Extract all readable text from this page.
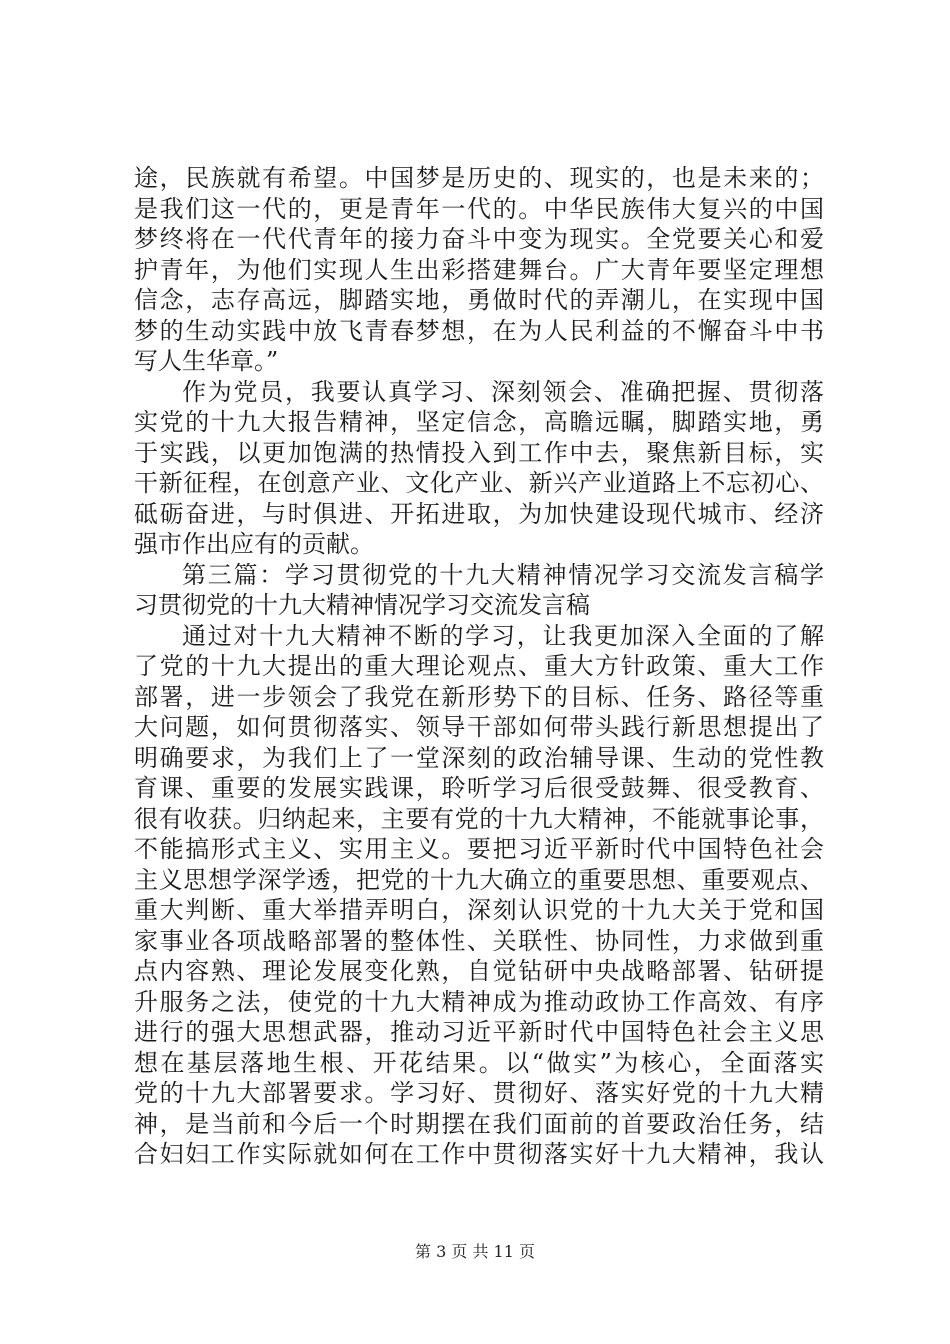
途，民族就有希望。中国梦是历史的、现实的，也是未来的；
是我们这一代的，更是青年一代的。中华民族伟大复兴的中国
梦终将在一代代青年的接力奋斗中变为现实。全党要关心和爱
护青年，为他们实现人生出彩搭建舞台。广大青年要坚定理想
信念，志存高远，脚踏实地，勇做时代的弄潮儿，在实现中国
梦的生动实践中放飞青春梦想，在为人民利益的不懈奋斗中书
写人生华章。”
作为党员，我要认真学习、深刻领会、准确把握、贯彻落
实党的十九大报告精神，坚定信念，高瞻远瞩，脚踏实地，勇
于实践，以更加饱满的热情投入到工作中去，聚焦新目标，实
干新征程，在创意产业、文化产业、新兴产业道路上不忘初心、
砥砺奋进，与时俱进、开拓进取，为加快建设现代城市、经济
强市作出应有的贡献。
第三篇：学习贯彻党的十九大精神情况学习交流发言稿学
习贯彻党的十九大精神情况学习交流发言稿
通过对十九大精神不断的学习，让我更加深入全面的了解
了党的十九大提出的重大理论观点、重大方针政策、重大工作
部署，进一步领会了我党在新形势下的目标、任务、路径等重
大问题，如何贯彻落实、领导干部如何带头践行新思想提出了
明确要求，为我们上了一堂深刻的政治辅导课、生动的党性教
育课、重要的发展实践课，聆听学习后很受鼓舞、很受教育、
很有收获。归纳起来，主要有党的十九大精神，不能就事论事，
不能搞形式主义、实用主义。要把习近平新时代中国特色社会
主义思想学深学透，把党的十九大确立的重要思想、重要观点、
重大判断、重大举措弄明白，深刻认识党的十九大关于党和国
家事业各项战略部署的整体性、关联性、协同性，力求做到重
点内容熟、理论发展变化熟，自觉钻研中央战略部署、钻研提
升服务之法，使党的十九大精神成为推动政协工作高效、有序
进行的强大思想武器，推动习近平新时代中国特色社会主义思
想在基层落地生根、开花结果。以“做实”为核心，全面落实
党的十九大部署要求。学习好、贯彻好、落实好党的十九大精
神，是当前和今后一个时期摆在我们面前的首要政治任务，结
合妇妇工作实际就如何在工作中贯彻落实好十九大精神，我认
第 3 页 共 11 页
